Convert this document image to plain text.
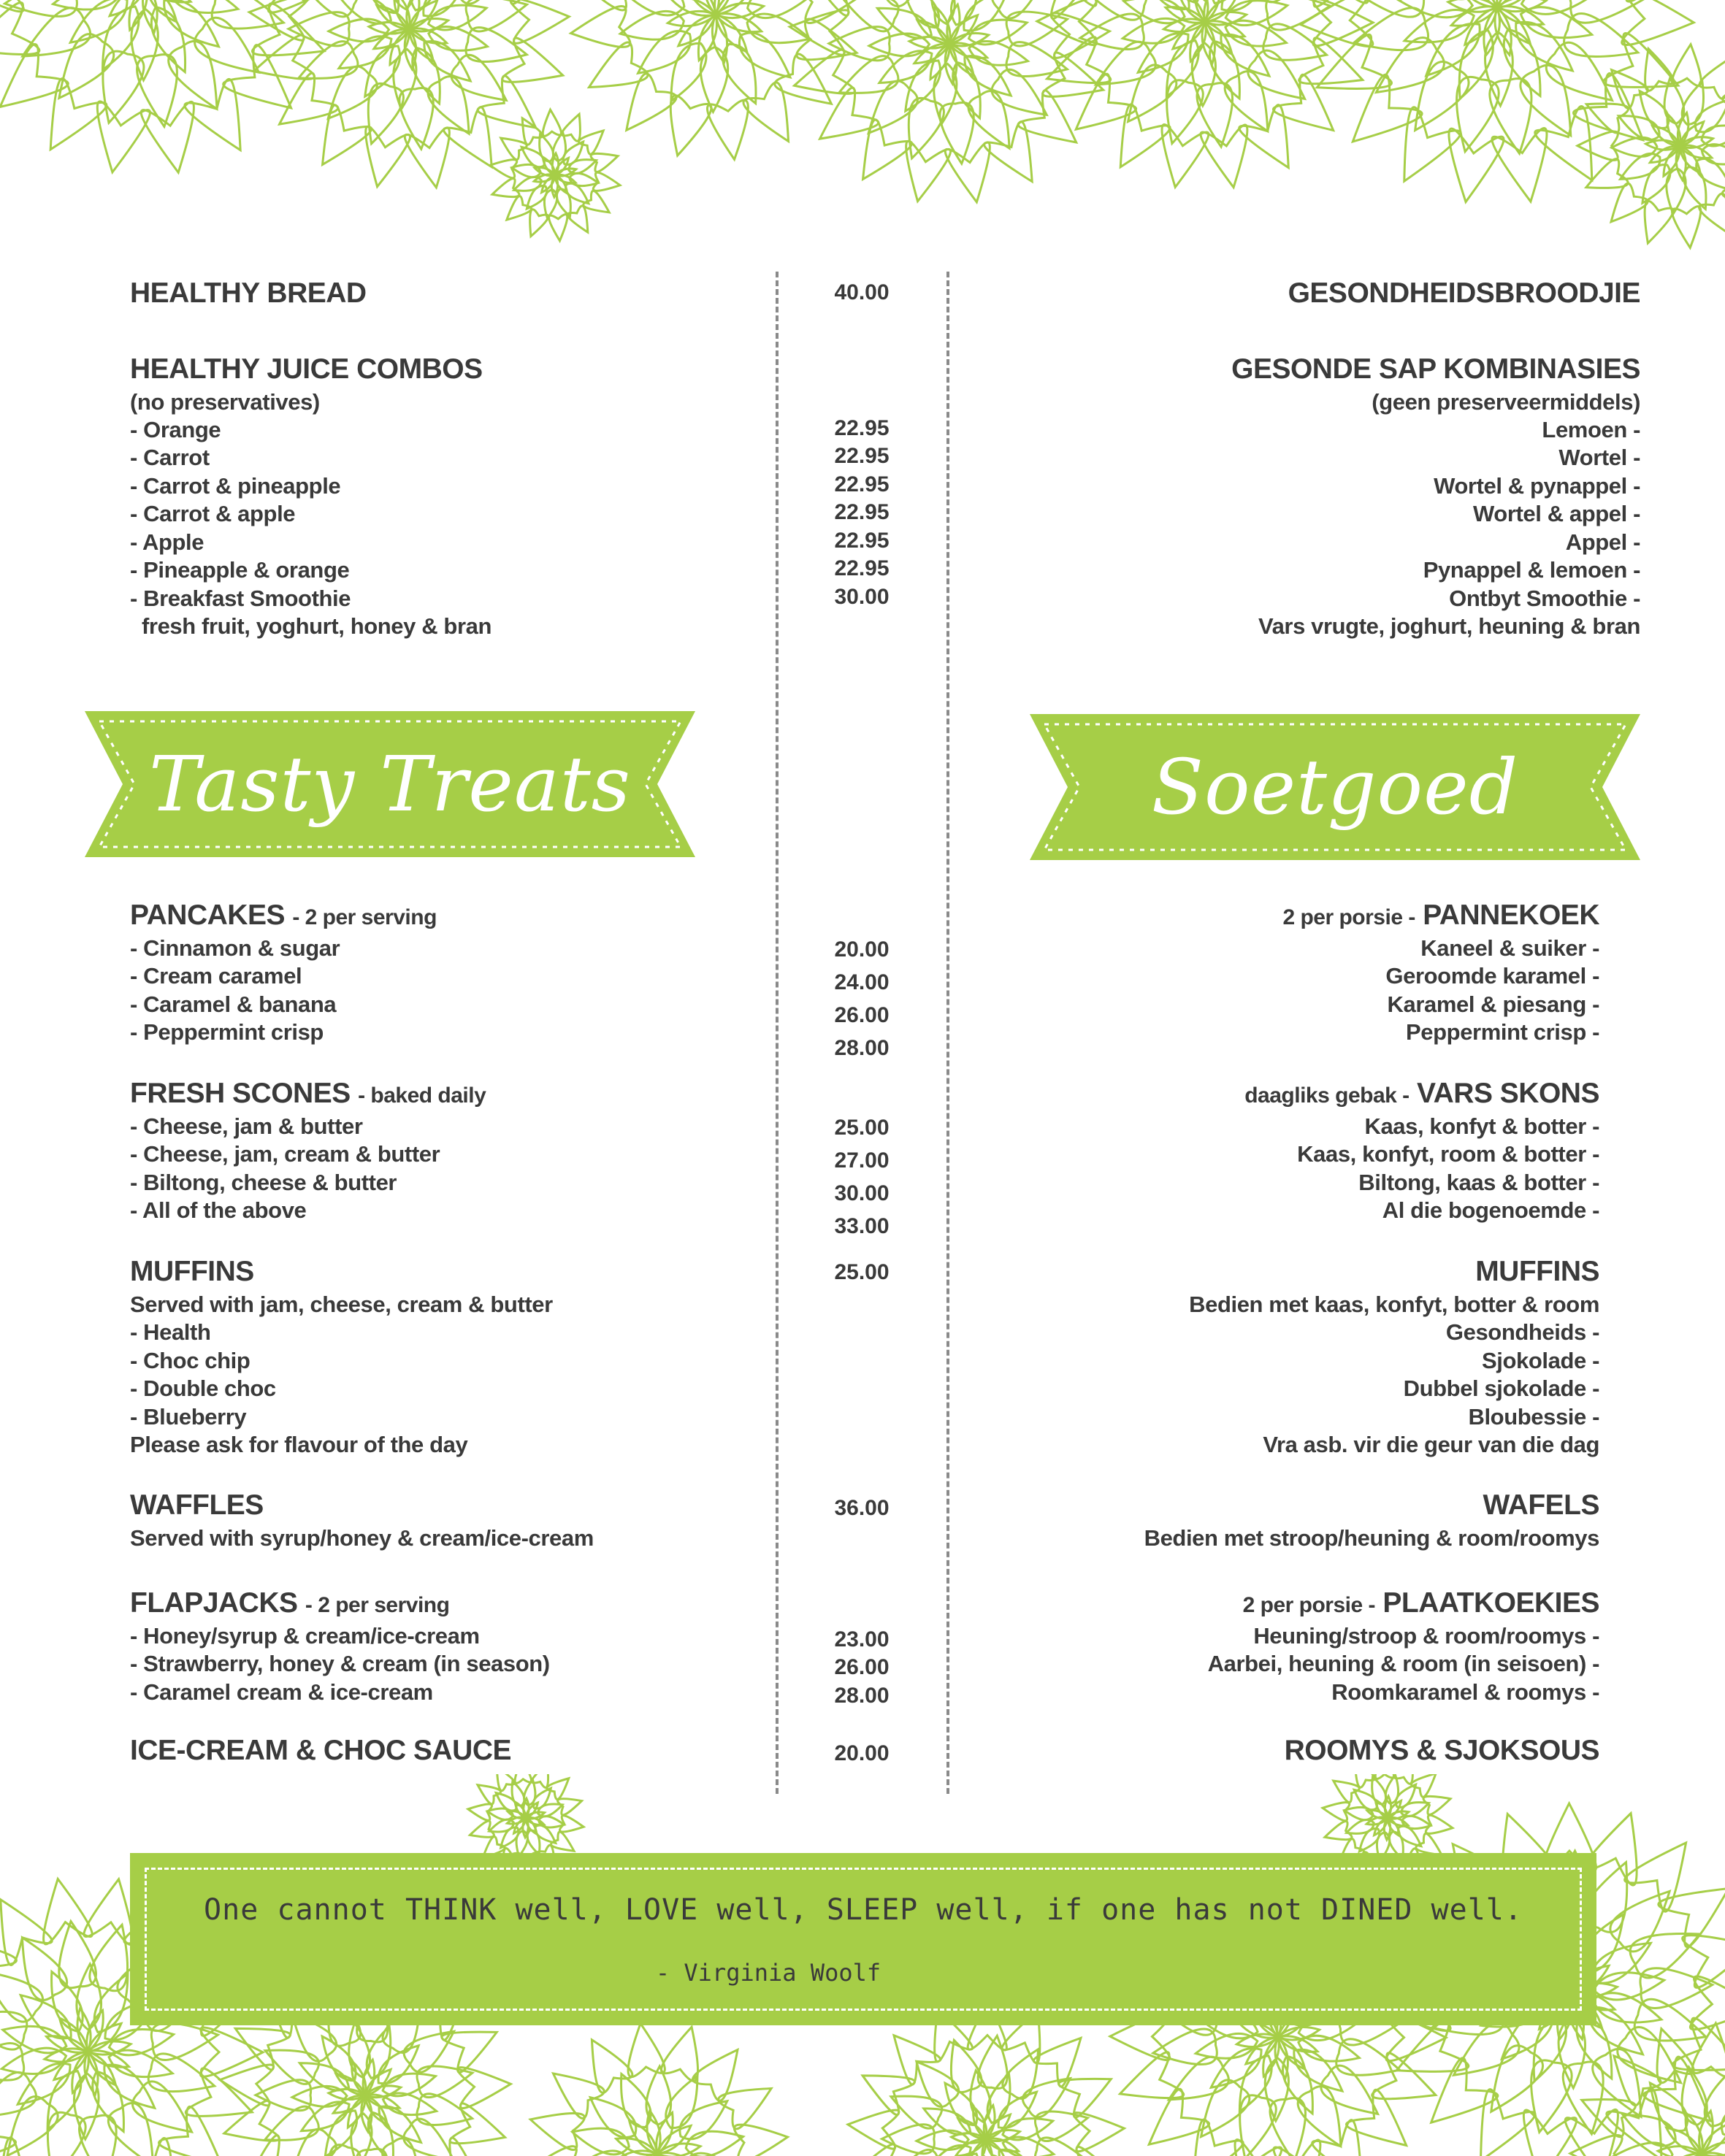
HEALTHY BREAD
HEALTHY JUICE COMBOS
(no preservatives)
- Orange
- Carrot
- Carrot & pineapple
- Carrot & apple
- Apple
- Pineapple & orange
- Breakfast Smoothie
fresh fruit, yoghurt, honey & bran
PANCAKES - 2 per serving
- Cinnamon & sugar
- Cream caramel
- Caramel & banana
- Peppermint crisp
FRESH SCONES - baked daily
- Cheese, jam & butter
- Cheese, jam, cream & butter
- Biltong, cheese & butter
- All of the above
MUFFINS
Served with jam, cheese, cream & butter
- Health
- Choc chip
- Double choc
- Blueberry
Please ask for flavour of the day
WAFFLES
Served with syrup/honey & cream/ice-cream
FLAPJACKS - 2 per serving
- Honey/syrup & cream/ice-cream
- Strawberry, honey & cream (in season)
- Caramel cream & ice-cream
ICE-CREAM & CHOC SAUCE
40.00
22.95
22.95
22.95
22.95
22.95
22.95
30.00
20.00
24.00
26.00
28.00
25.00
27.00
30.00
33.00
25.00
36.00
23.00
26.00
28.00
20.00
GESONDHEIDSBROODJIE
GESONDE SAP KOMBINASIES
(geen preserveermiddels)
Lemoen -
Wortel -
Wortel & pynappel -
Wortel & appel -
Appel -
Pynappel & lemoen -
Ontbyt Smoothie -
Vars vrugte, joghurt, heuning & bran
2 per porsie - PANNEKOEK
Kaneel & suiker -
Geroomde karamel -
Karamel & piesang -
Peppermint crisp -
daagliks gebak - VARS SKONS
Kaas, konfyt & botter -
Kaas, konfyt, room & botter -
Biltong, kaas & botter -
Al die bogenoemde -
MUFFINS
Bedien met kaas, konfyt, botter & room
Gesondheids -
Sjokolade -
Dubbel sjokolade -
Bloubessie -
Vra asb. vir die geur van die dag
WAFELS
Bedien met stroop/heuning & room/roomys
2 per porsie - PLAATKOEKIES
Heuning/stroop & room/roomys -
Aarbei, heuning & room (in seisoen) -
Roomkaramel & roomys -
ROOMYS & SJOKSOUS
Tasty Treats	Soetgoed
One cannot THINK well, LOVE well, SLEEP well, if one has not DINED well.
- Virginia Woolf
